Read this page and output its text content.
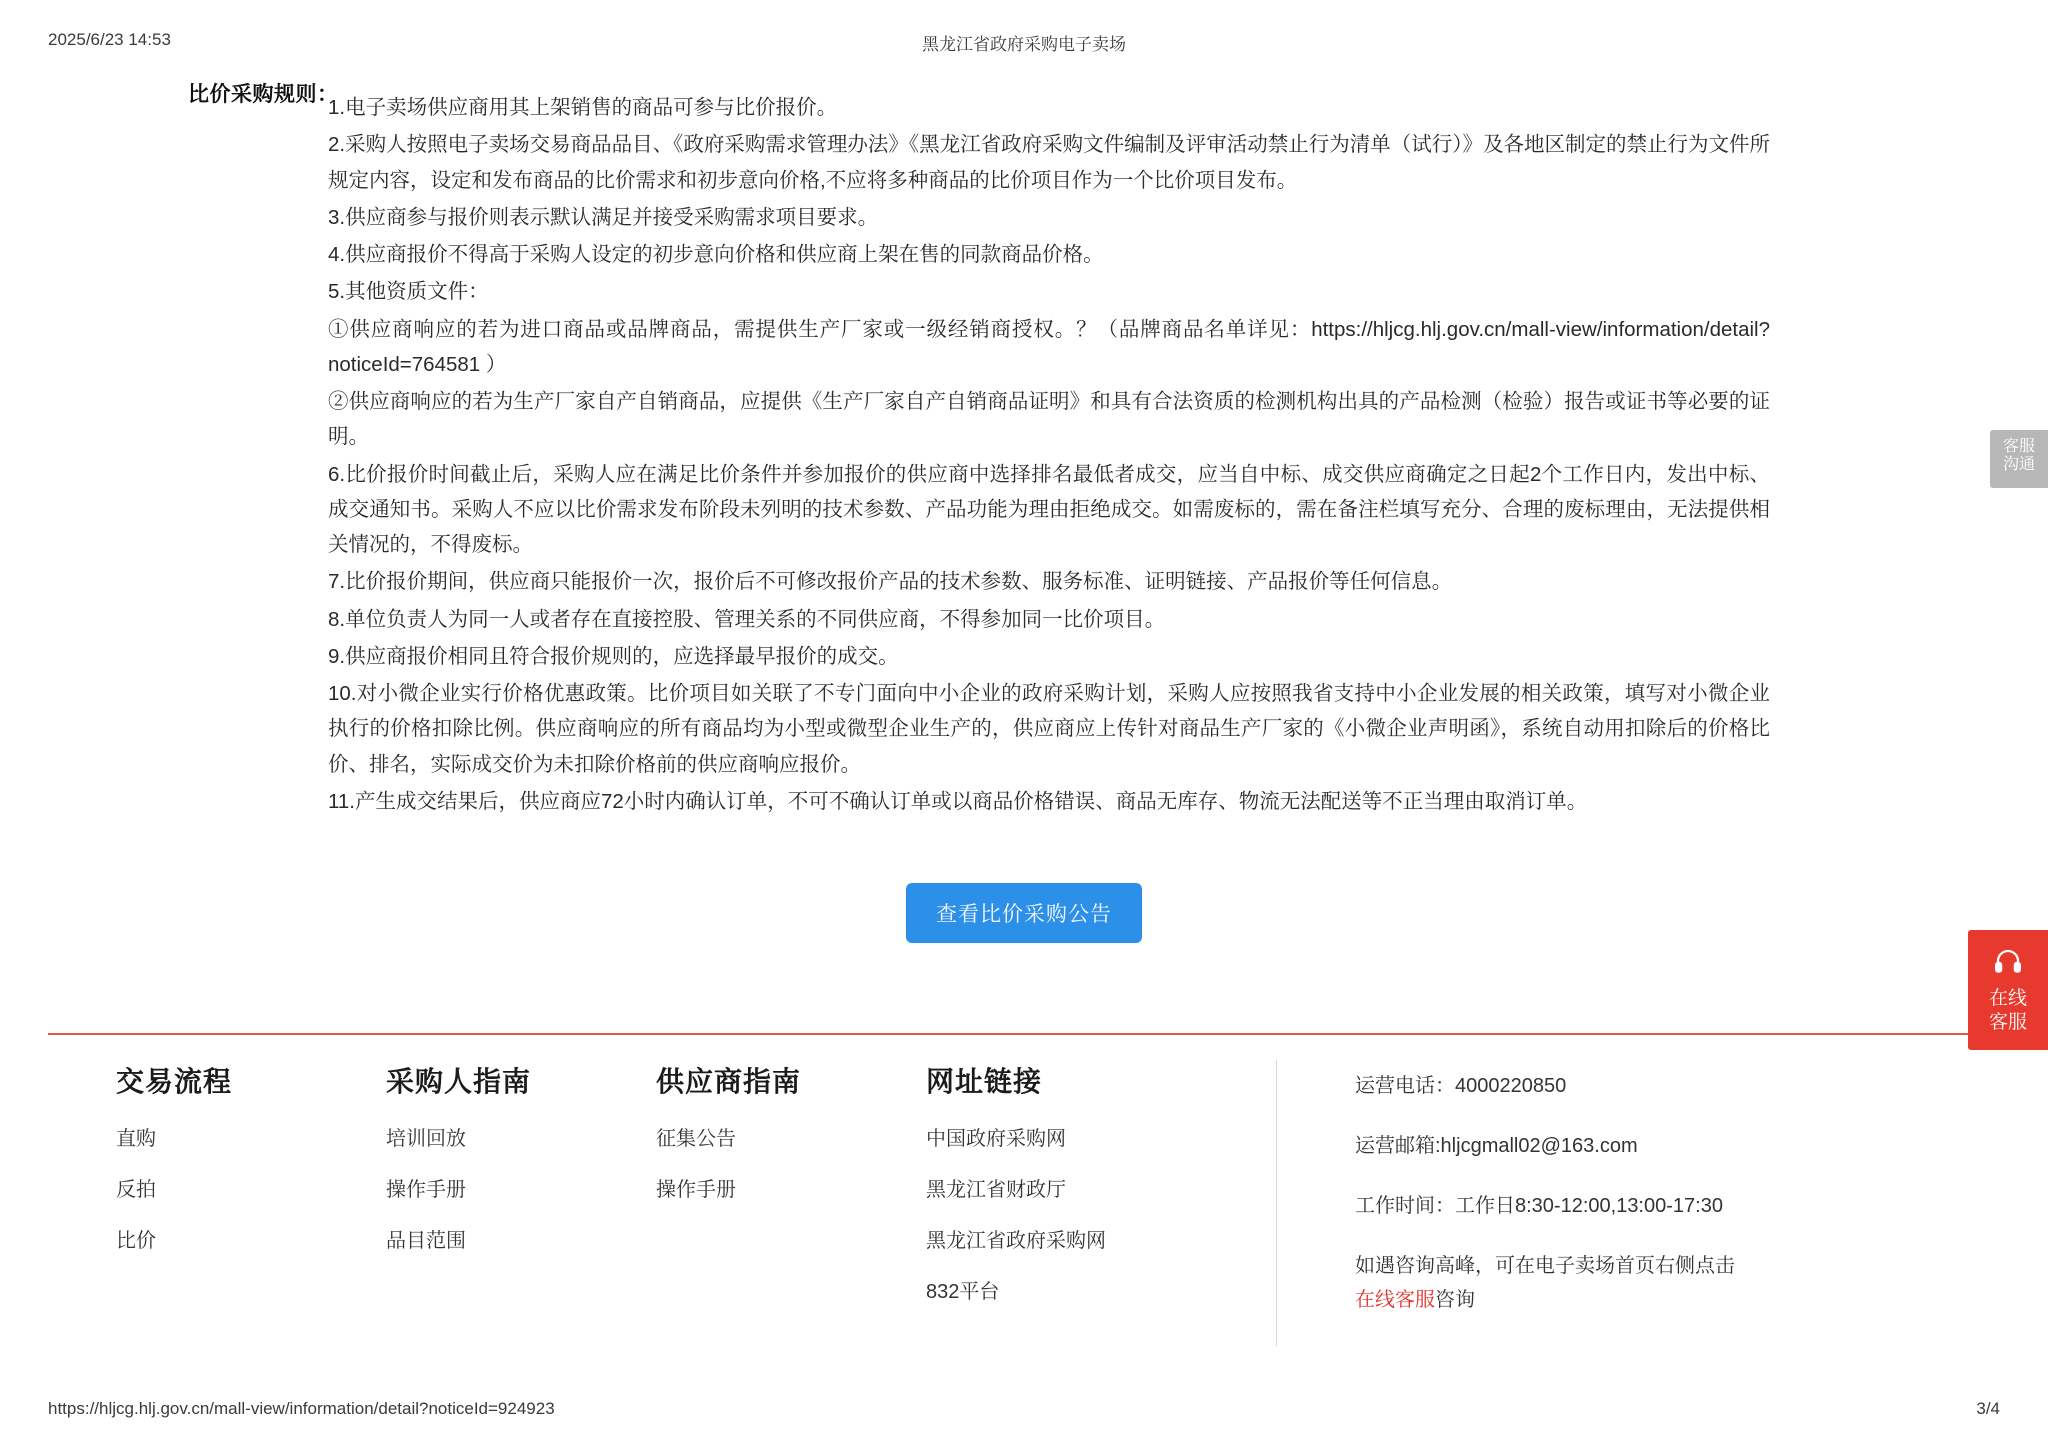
2025/6/23 14:53	黑龙江省政府采购电子卖场
比价采购规则：

1.电子卖场供应商用其上架销售的商品可参与比价报价。

2.采购人按照电子卖场交易商品品目、《政府采购需求管理办法》《黑龙江省政府采购文件编制及评审活动禁止行为清单（试行）》及各地区制定的禁止行为文件所规定内容，设定和发布商品的比价需求和初步意向价格,不应将多种商品的比价项目作为一个比价项目发布。

3.供应商参与报价则表示默认满足并接受采购需求项目要求。

4.供应商报价不得高于采购人设定的初步意向价格和供应商上架在售的同款商品价格。

5.其他资质文件：

①供应商响应的若为进口商品或品牌商品，需提供生产厂家或一级经销商授权。？（品牌商品名单详见：https://hljcg.hlj.gov.cn/mall-view/information/detail?noticeId=764581 ）

②供应商响应的若为生产厂家自产自销商品，应提供《生产厂家自产自销商品证明》和具有合法资质的检测机构出具的产品检测（检验）报告或证书等必要的证明。

6.比价报价时间截止后，采购人应在满足比价条件并参加报价的供应商中选择排名最低者成交，应当自中标、成交供应商确定之日起2个工作日内，发出中标、成交通知书。采购人不应以比价需求发布阶段未列明的技术参数、产品功能为理由拒绝成交。如需废标的，需在备注栏填写充分、合理的废标理由，无法提供相关情况的，不得废标。

7.比价报价期间，供应商只能报价一次，报价后不可修改报价产品的技术参数、服务标准、证明链接、产品报价等任何信息。

8.单位负责人为同一人或者存在直接控股、管理关系的不同供应商，不得参加同一比价项目。

9.供应商报价相同且符合报价规则的，应选择最早报价的成交。

10.对小微企业实行价格优惠政策。比价项目如关联了不专门面向中小企业的政府采购计划，采购人应按照我省支持中小企业发展的相关政策，填写对小微企业执行的价格扣除比例。供应商响应的所有商品均为小型或微型企业生产的，供应商应上传针对商品生产厂家的《小微企业声明函》，系统自动用扣除后的价格比价、排名，实际成交价为未扣除价格前的供应商响应报价。

11.产生成交结果后，供应商应72小时内确认订单，不可不确认订单或以商品价格错误、商品无库存、物流无法配送等不正当理由取消订单。

查看比价采购公告
交易流程
直购
反拍
比价
采购人指南
培训回放
操作手册
品目范围
供应商指南
征集公告
操作手册
网址链接
中国政府采购网
黑龙江省财政厅
黑龙江省政府采购网
832平台

运营电话：4000220850

运营邮箱:hljcgmall02@163.com

工作时间：工作日8:30-12:00,13:00-17:30

如遇咨询高峰，可在电子卖场首页右侧点击

在线客服咨询

客服
沟通
在线
客服
https://hljcg.hlj.gov.cn/mall-view/information/detail?noticeId=924923	3/4
